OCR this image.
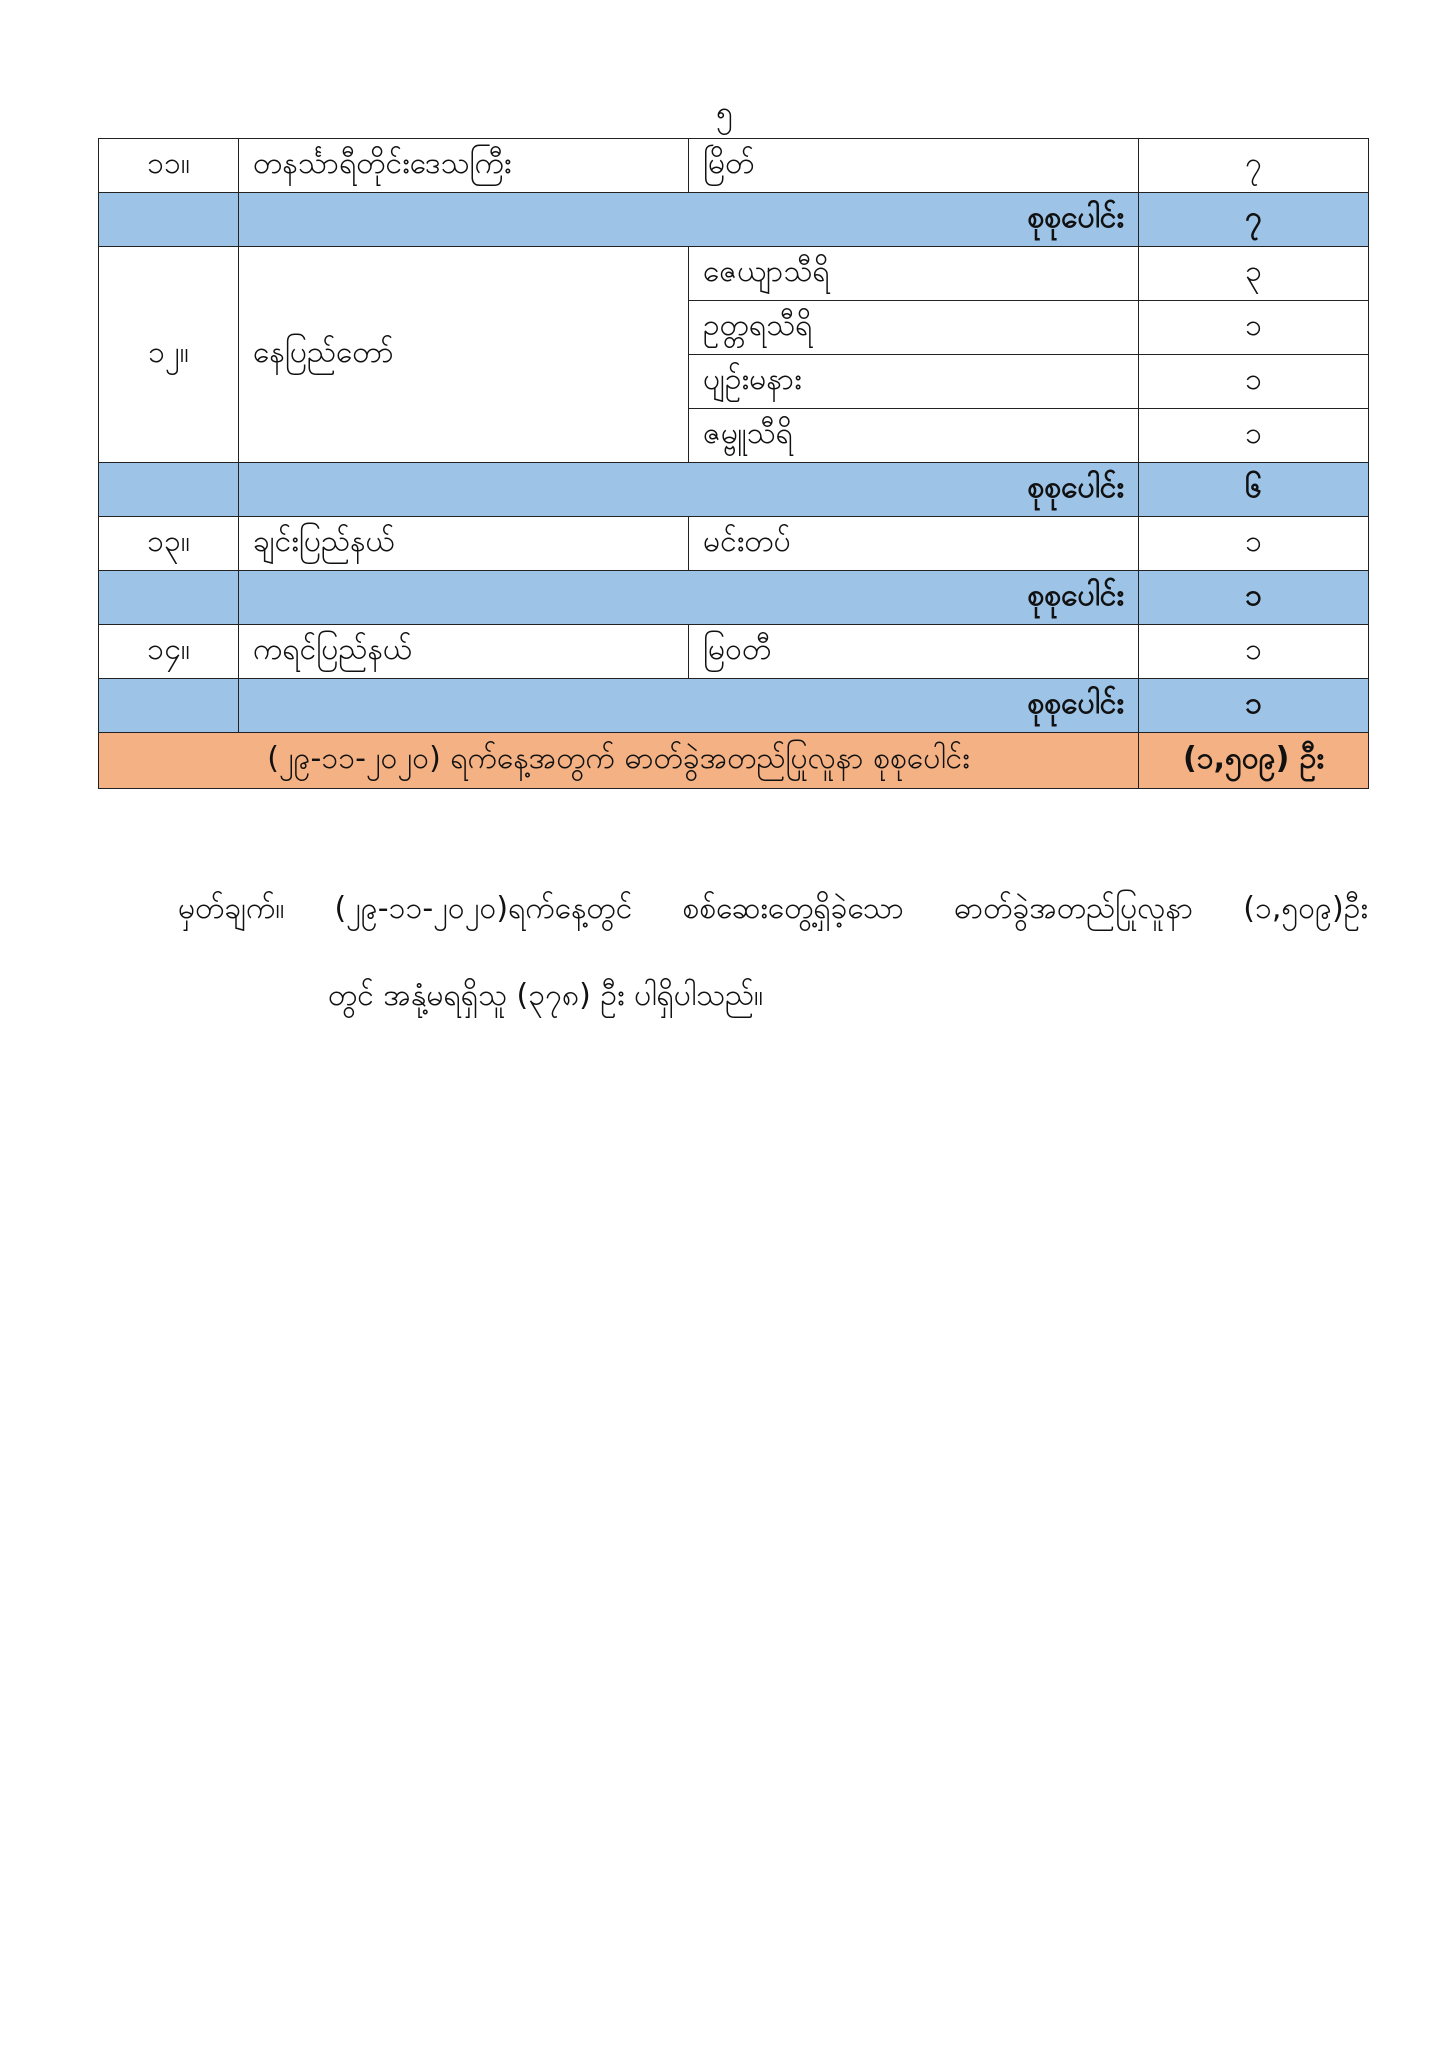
၅
၁၁။	တနင်္သာရီတိုင်းဒေသကြီး	မြိတ်	၇
	စုစုပေါင်း		၇
၁၂။	နေပြည်တော်	ဇေယျာသီရိ	၃
		ဥတ္တရသီရိ	၁
		ပျဉ်းမနား	၁
		ဇမ္ဗူသီရိ	၁
	စုစုပေါင်း		၆
၁၃။	ချင်းပြည်နယ်	မင်းတပ်	၁
	စုစုပေါင်း		၁
၁၄။	ကရင်ပြည်နယ်	မြဝတီ	၁
	စုစုပေါင်း		၁
(၂၉-၁၁-၂၀၂၀) ရက်နေ့အတွက် ဓာတ်ခွဲအတည်ပြုလူနာ စုစုပေါင်း			(၁,၅၀၉) ဦး
မှတ်ချက်။ (၂၉-၁၁-၂၀၂၀)ရက်နေ့တွင် စစ်ဆေးတွေ့ရှိခဲ့သော ဓာတ်ခွဲအတည်ပြုလူနာ (၁,၅၀၉)ဦး
တွင် အနုံ့မရရှိသူ (၃၇၈) ဦး ပါရှိပါသည်။
